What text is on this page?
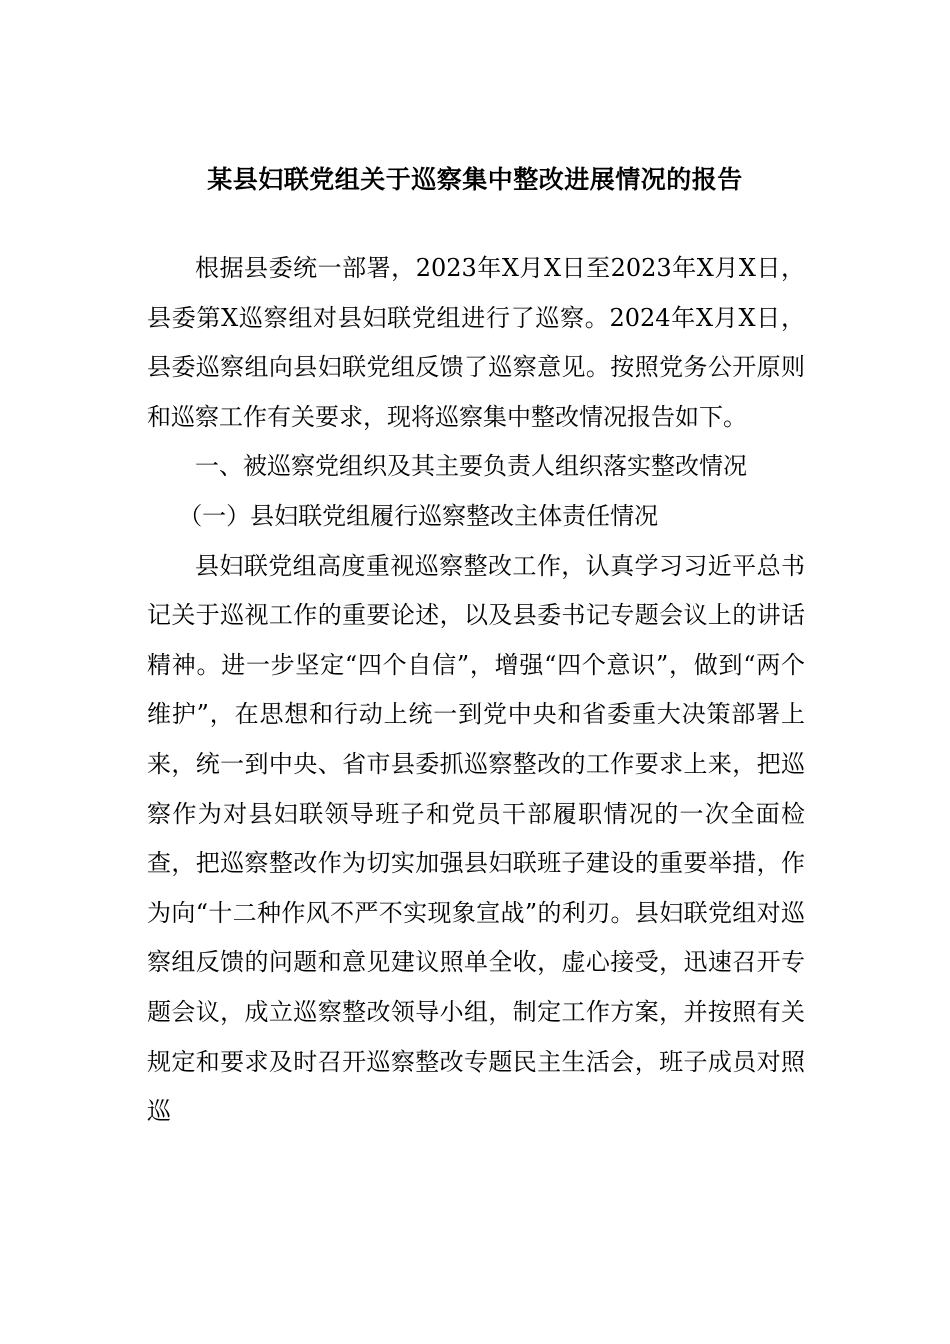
某县妇联党组关于巡察集中整改进展情况的报告

根据县委统一部署，2023年X月X日至2023年X月X日，县委第X巡察组对县妇联党组进行了巡察。2024年X月X日，县委巡察组向县妇联党组反馈了巡察意见。按照党务公开原则和巡察工作有关要求，现将巡察集中整改情况报告如下。

一、被巡察党组织及其主要负责人组织落实整改情况

（一）县妇联党组履行巡察整改主体责任情况

县妇联党组高度重视巡察整改工作，认真学习习近平总书记关于巡视工作的重要论述，以及县委书记专题会议上的讲话精神。进一步坚定“四个自信”，增强“四个意识”，做到“两个维护”，在思想和行动上统一到党中央和省委重大决策部署上来，统一到中央、省市县委抓巡察整改的工作要求上来，把巡察作为对县妇联领导班子和党员干部履职情况的一次全面检查，把巡察整改作为切实加强县妇联班子建设的重要举措，作为向“十二种作风不严不实现象宣战”的利刃。县妇联党组对巡察组反馈的问题和意见建议照单全收，虚心接受，迅速召开专题会议，成立巡察整改领导小组，制定工作方案，并按照有关规定和要求及时召开巡察整改专题民主生活会，班子成员对照巡
